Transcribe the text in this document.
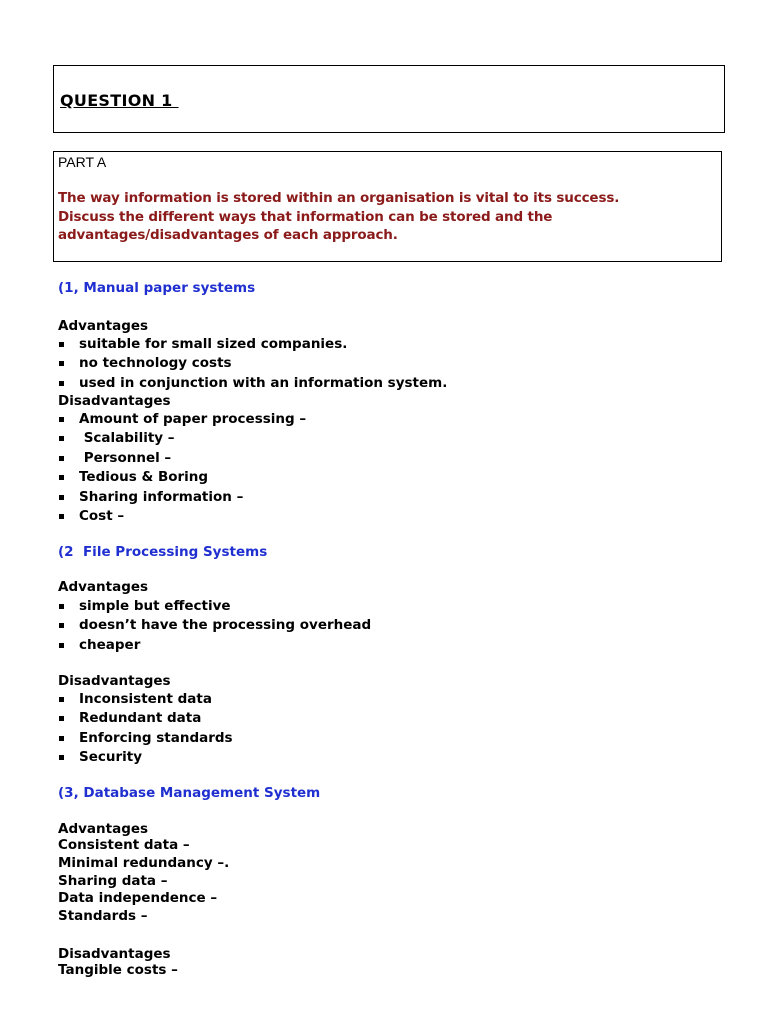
QUESTION 1
PART A
The way information is stored within an organisation is vital to its success.
Discuss the different ways that information can be stored and the
advantages/disadvantages of each approach.
(1, Manual paper systems
Advantages
suitable for small sized companies.
no technology costs
used in conjunction with an information system.
Disadvantages
Amount of paper processing –
Scalability –
Personnel –
Tedious & Boring
Sharing information –
Cost –
(2  File Processing Systems
Advantages
simple but effective
doesn’t have the processing overhead
cheaper
Disadvantages
Inconsistent data
Redundant data
Enforcing standards
Security
(3, Database Management System
Advantages
Consistent data –
Minimal redundancy –.
Sharing data –
Data independence –
Standards –
Disadvantages
Tangible costs –
